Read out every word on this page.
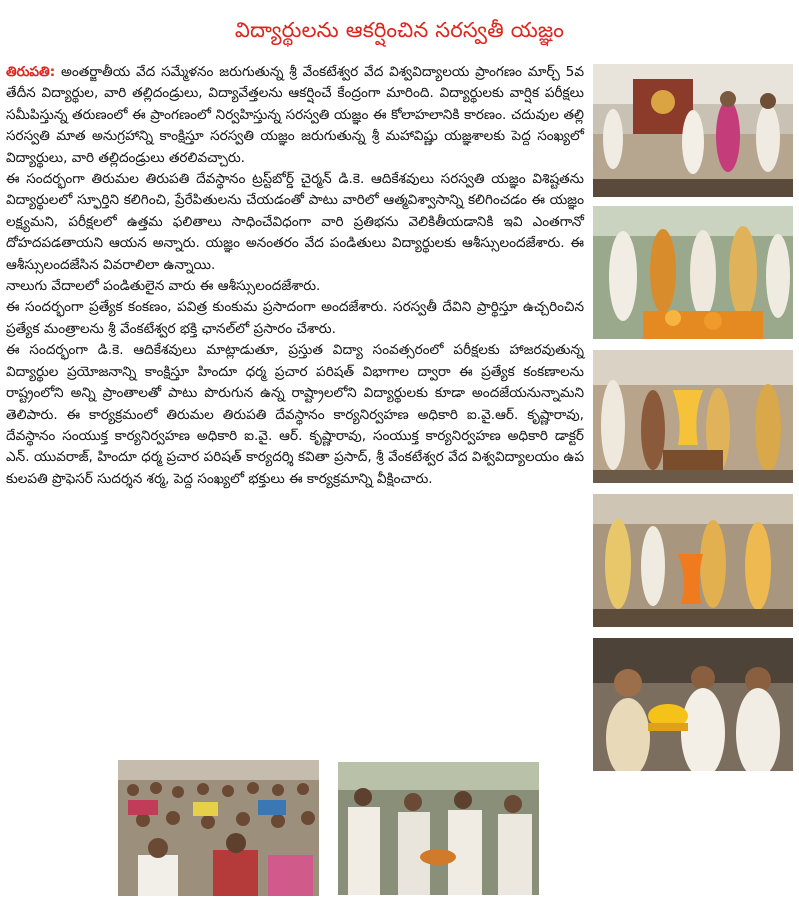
విద్యార్థులను ఆకర్షించిన సరస్వతీ యజ్ఞం

తిరుపతి: అంతర్జాతీయ వేద సమ్మేళనం జరుగుతున్న శ్రీ వేంకటేశ్వర వేద విశ్వవిద్యాలయ ప్రాంగణం మార్చ్ 5వ తేదీన విద్యార్థుల, వారి తల్లిదండ్రులు, విద్యావేత్తలను ఆకర్షించే కేంద్రంగా మారింది. విద్యార్థులకు వార్షిక పరీక్షలు సమీపిస్తున్న తరుణంలో ఈ ప్రాంగణంలో నిర్వహిస్తున్న సరస్వతి యజ్ఞం ఈ కోలాహలానికి కారణం. చదువుల తల్లి సరస్వతి మాత అనుగ్రహాన్ని కాంక్షిస్తూ సరస్వతి యజ్ఞం జరుగుతున్న శ్రీ మహావిష్ణు యజ్ఞశాలకు పెద్ద సంఖ్యలో విద్యార్థులు, వారి తల్లిదండ్రులు తరలివచ్చారు.

ఈ సందర్భంగా తిరుమల తిరుపతి దేవస్థానం ట్రస్ట్‌బోర్డ్ చైర్మన్ డి.కె. ఆదికేశవులు సరస్వతి యజ్ఞం విశిష్టతను విద్యార్థులలో స్ఫూర్తిని కలిగించి, ప్రేరేపితులను చేయడంతో పాటు వారిలో ఆత్మవిశ్వాసాన్ని కలిగించడం ఈ యజ్ఞం లక్ష్యమని, పరీక్షలలో ఉత్తమ ఫలితాలు సాధించేవిధంగా వారి ప్రతిభను వెలికితీయడానికి ఇవి ఎంతగానో దోహదపడతాయని ఆయన అన్నారు. యజ్ఞం అనంతరం వేద పండితులు విద్యార్థులకు ఆశీస్సులందజేశారు. ఈ ఆశీస్సులందజేసిన వివరాలిలా ఉన్నాయి.

నాలుగు వేదాలలో పండితులైన వారు ఈ ఆశీస్సులందజేశారు.

ఈ సందర్భంగా ప్రత్యేక కంకణం, పవిత్ర కుంకుమ ప్రసాదంగా అందజేశారు. సరస్వతీ దేవిని ప్రార్థిస్తూ ఉచ్చరించిన ప్రత్యేక మంత్రాలను శ్రీ వేంకటేశ్వర భక్తి ఛానల్‌లో ప్రసారం చేశారు.

ఈ సందర్భంగా డి.కె. ఆదికేశవులు మాట్లాడుతూ, ప్రస్తుత విద్యా సంవత్సరంలో పరీక్షలకు హాజరవుతున్న విద్యార్థుల ప్రయోజనాన్ని కాంక్షిస్తూ హిందూ ధర్మ ప్రచార పరిషత్ విభాగాల ద్వారా ఈ ప్రత్యేక కంకణాలను రాష్ట్రంలోని అన్ని ప్రాంతాలతో పాటు పొరుగున ఉన్న రాష్ట్రాలలోని విద్యార్థులకు కూడా అందజేయనున్నామని తెలిపారు. ఈ కార్యక్రమంలో తిరుమల తిరుపతి దేవస్థానం కార్యనిర్వహణ అధికారి ఐ.వై.ఆర్. కృష్ణారావు, దేవస్థానం సంయుక్త కార్యనిర్వహణ అధికారి ఐ.వై. ఆర్. కృష్ణారావు, సంయుక్త కార్యనిర్వహణ అధికారి డాక్టర్ ఎన్. యువరాజ్, హిందూ ధర్మ ప్రచార పరిషత్ కార్యదర్శి కవితా ప్రసాద్, శ్రీ వేంకటేశ్వర వేద విశ్వవిద్యాలయం ఉప కులపతి ప్రొఫెసర్ సుదర్శన శర్మ, పెద్ద సంఖ్యలో భక్తులు ఈ కార్యక్రమాన్ని వీక్షించారు.
